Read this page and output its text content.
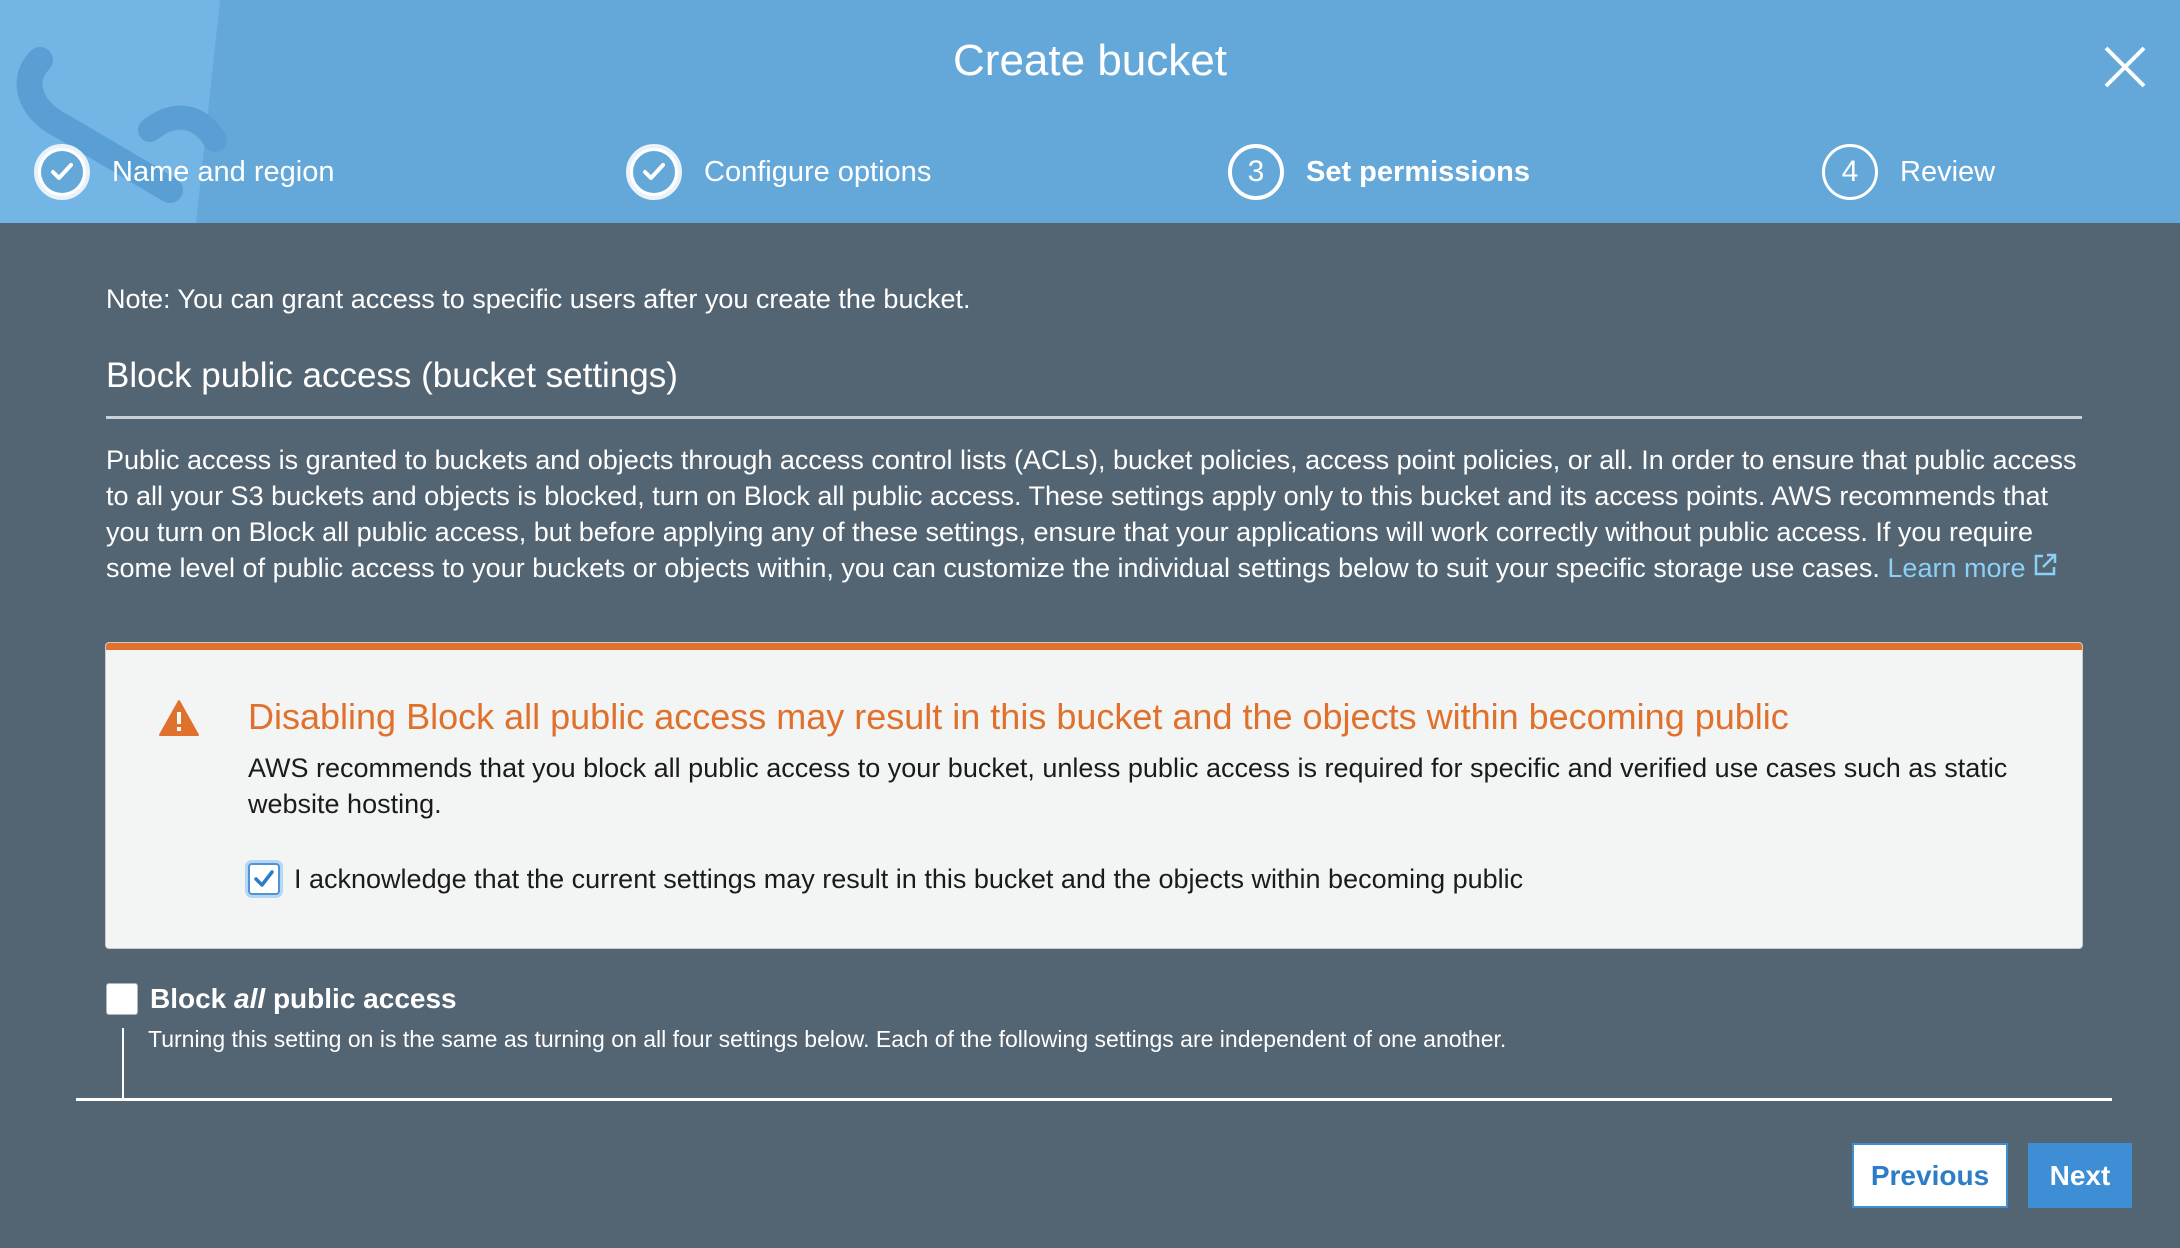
Create bucket
Name and region	Configure options	3	Set permissions	4	Review
Note: You can grant access to specific users after you create the bucket.
Block public access (bucket settings)
Public access is granted to buckets and objects through access control lists (ACLs), bucket policies, access point policies, or all. In order to ensure that public access to all your S3 buckets and objects is blocked, turn on Block all public access. These settings apply only to this bucket and its access points. AWS recommends that you turn on Block all public access, but before applying any of these settings, ensure that your applications will work correctly without public access. If you require some level of public access to your buckets or objects within, you can customize the individual settings below to suit your specific storage use cases. Learn more
Disabling Block all public access may result in this bucket and the objects within becoming public
AWS recommends that you block all public access to your bucket, unless public access is required for specific and verified use cases such as static website hosting.
I acknowledge that the current settings may result in this bucket and the objects within becoming public
Block all public access
Turning this setting on is the same as turning on all four settings below. Each of the following settings are independent of one another.
Previous	Next
